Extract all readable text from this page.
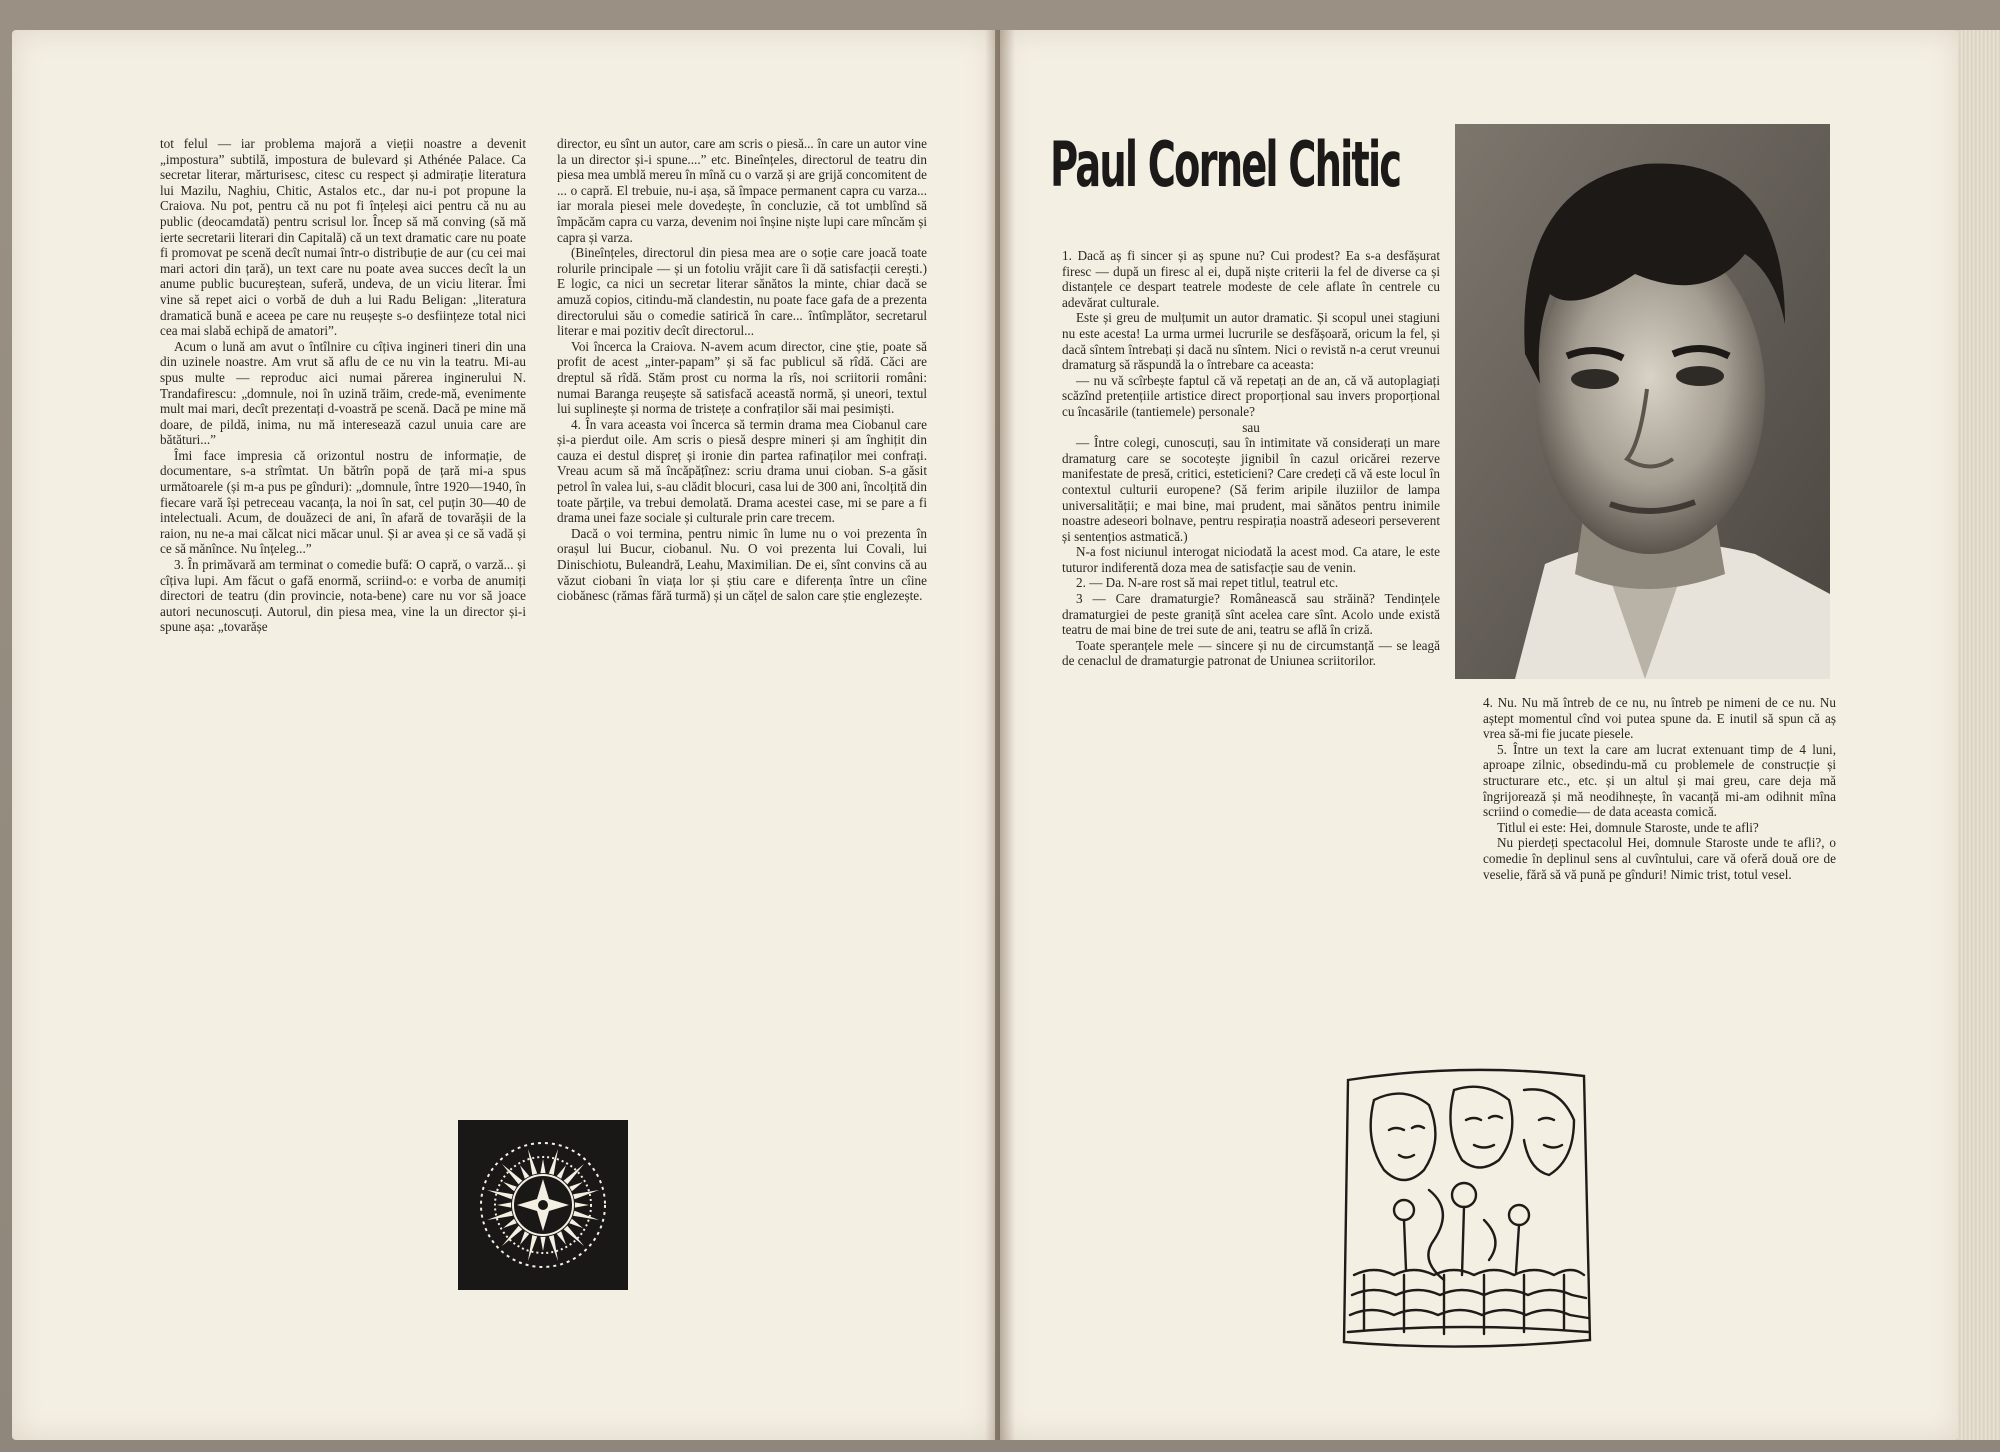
tot felul — iar problema majoră a vieții noastre a devenit „impostura” subtilă, impostura de bulevard și Athénée Palace. Ca secretar literar, mărturisesc, citesc cu respect și admirație literatura lui Mazilu, Naghiu, Chitic, Astalos etc., dar nu-i pot propune la Craiova. Nu pot, pentru că nu pot fi înțeleși aici pentru că nu au public (deocamdată) pentru scrisul lor. Încep să mă conving (să mă ierte secretarii literari din Capitală) că un text dramatic care nu poate fi promovat pe scenă decît numai într-o distribuție de aur (cu cei mai mari actori din țară), un text care nu poate avea succes decît la un anume public bucureștean, suferă, undeva, de un viciu literar. Îmi vine să repet aici o vorbă de duh a lui Radu Beligan: „literatura dramatică bună e aceea pe care nu reușește s-o desființeze total nici cea mai slabă echipă de amatori”.

Acum o lună am avut o întîlnire cu cîțiva ingineri tineri din una din uzinele noastre. Am vrut să aflu de ce nu vin la teatru. Mi-au spus multe — reproduc aici numai părerea inginerului N. Trandafirescu: „domnule, noi în uzină trăim, crede-mă, evenimente mult mai mari, decît prezentați d-voastră pe scenă. Dacă pe mine mă doare, de pildă, inima, nu mă interesează cazul unuia care are bătături...”

Îmi face impresia că orizontul nostru de informație, de documentare, s-a strîmtat. Un bătrîn popă de țară mi-a spus următoarele (și m-a pus pe gînduri): „domnule, între 1920—1940, în fiecare vară își petreceau vacanța, la noi în sat, cel puțin 30—40 de intelectuali. Acum, de douăzeci de ani, în afară de tovarășii de la raion, nu ne-a mai călcat nici măcar unul. Și ar avea și ce să vadă și ce să mănînce. Nu înțeleg...”

3. În primăvară am terminat o comedie bufă: O capră, o varză... și cîțiva lupi. Am făcut o gafă enormă, scriind-o: e vorba de anumiți directori de teatru (din provincie, nota-bene) care nu vor să joace autori necunoscuți. Autorul, din piesa mea, vine la un director și-i spune așa: „tovarășe

director, eu sînt un autor, care am scris o piesă... în care un autor vine la un director și-i spune....” etc. Bineînțeles, directorul de teatru din piesa mea umblă mereu în mînă cu o varză și are grijă concomitent de ... o capră. El trebuie, nu-i așa, să împace permanent capra cu varza... iar morala piesei mele dovedește, în concluzie, că tot umblînd să împăcăm capra cu varza, devenim noi înșine niște lupi care mîncăm și capra și varza.

(Bineînțeles, directorul din piesa mea are o soție care joacă toate rolurile principale — și un fotoliu vrăjit care îi dă satisfacții cerești.) E logic, ca nici un secretar literar sănătos la minte, chiar dacă se amuză copios, citindu-mă clandestin, nu poate face gafa de a prezenta directorului său o comedie satirică în care... întîmplător, secretarul literar e mai pozitiv decît directorul...

Voi încerca la Craiova. N-avem acum director, cine știe, poate să profit de acest „inter-papam” și să fac publicul să rîdă. Căci are dreptul să rîdă. Stăm prost cu norma la rîs, noi scriitorii români: numai Baranga reușește să satisfacă această normă, și uneori, textul lui suplinește și norma de tristețe a confraților săi mai pesimiști.

4. În vara aceasta voi încerca să termin drama mea Ciobanul care și-a pierdut oile. Am scris o piesă despre mineri și am înghițit din cauza ei destul dispreț și ironie din partea rafinaților mei confrați. Vreau acum să mă încăpățînez: scriu drama unui cioban. S-a găsit petrol în valea lui, s-au clădit blocuri, casa lui de 300 ani, încolțită din toate părțile, va trebui demolată. Drama acestei case, mi se pare a fi drama unei faze sociale și culturale prin care trecem.

Dacă o voi termina, pentru nimic în lume nu o voi prezenta în orașul lui Bucur, ciobanul. Nu. O voi prezenta lui Covali, lui Dinischiotu, Buleandră, Leahu, Maximilian. De ei, sînt convins că au văzut ciobani în viața lor și știu care e diferența între un cîine ciobănesc (rămas fără turmă) și un cățel de salon care știe englezește.

Paul Cornel Chitic

1. Dacă aș fi sincer și aș spune nu? Cui prodest? Ea s-a desfășurat firesc — după un firesc al ei, după niște criterii la fel de diverse ca și distanțele ce despart teatrele modeste de cele aflate în centrele cu adevărat culturale.

Este și greu de mulțumit un autor dramatic. Și scopul unei stagiuni nu este acesta! La urma urmei lucrurile se desfășoară, oricum la fel, și dacă sîntem întrebați și dacă nu sîntem. Nici o revistă n-a cerut vreunui dramaturg să răspundă la o întrebare ca aceasta:

— nu vă scîrbește faptul că vă repetați an de an, că vă autoplagiați scăzînd pretențiile artistice direct proporțional sau invers proporțional cu încasările (tantiemele) personale?

sau

— Între colegi, cunoscuți, sau în intimitate vă considerați un mare dramaturg care se socotește jignibil în cazul oricărei rezerve manifestate de presă, critici, esteticieni? Care credeți că vă este locul în contextul culturii europene? (Să ferim aripile iluziilor de lampa universalității; e mai bine, mai prudent, mai sănătos pentru inimile noastre adeseori bolnave, pentru respirația noastră adeseori perseverent și sentențios astmatică.)

N-a fost niciunul interogat niciodată la acest mod. Ca atare, le este tuturor indiferentă doza mea de satisfacție sau de venin.

2. — Da. N-are rost să mai repet titlul, teatrul etc.

3 — Care dramaturgie? Românească sau străină? Tendințele dramaturgiei de peste graniță sînt acelea care sînt. Acolo unde există teatru de mai bine de trei sute de ani, teatru se află în criză.

Toate speranțele mele — sincere și nu de circumstanță — se leagă de cenaclul de dramaturgie patronat de Uniunea scriitorilor.

4. Nu. Nu mă întreb de ce nu, nu întreb pe nimeni de ce nu. Nu aștept momentul cînd voi putea spune da. E inutil să spun că aș vrea să-mi fie jucate piesele.

5. Între un text la care am lucrat extenuant timp de 4 luni, aproape zilnic, obsedindu-mă cu problemele de construcție și structurare etc., etc. și un altul și mai greu, care deja mă îngrijorează și mă neodihnește, în vacanță mi-am odihnit mîna scriind o comedie— de data aceasta comică.

Titlul ei este: Hei, domnule Staroste, unde te afli?

Nu pierdeți spectacolul Hei, domnule Staroste unde te afli?, o comedie în deplinul sens al cuvîntului, care vă oferă două ore de veselie, fără să vă pună pe gînduri! Nimic trist, totul vesel.
